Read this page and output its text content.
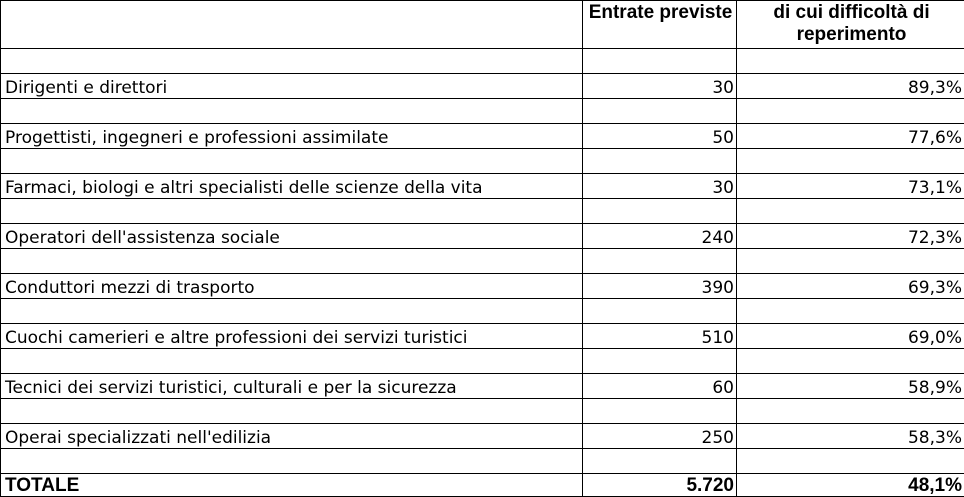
	Entrate previste	di cui difficoltà di reperimento

Dirigenti e direttori	30	89,3%

Progettisti, ingegneri e professioni assimilate	50	77,6%

Farmaci, biologi e altri specialisti delle scienze della vita	30	73,1%

Operatori dell'assistenza sociale	240	72,3%

Conduttori mezzi di trasporto	390	69,3%

Cuochi camerieri e altre professioni dei servizi turistici	510	69,0%

Tecnici dei servizi turistici, culturali e per la sicurezza	60	58,9%

Operai specializzati nell'edilizia	250	58,3%

TOTALE	5.720	48,1%
